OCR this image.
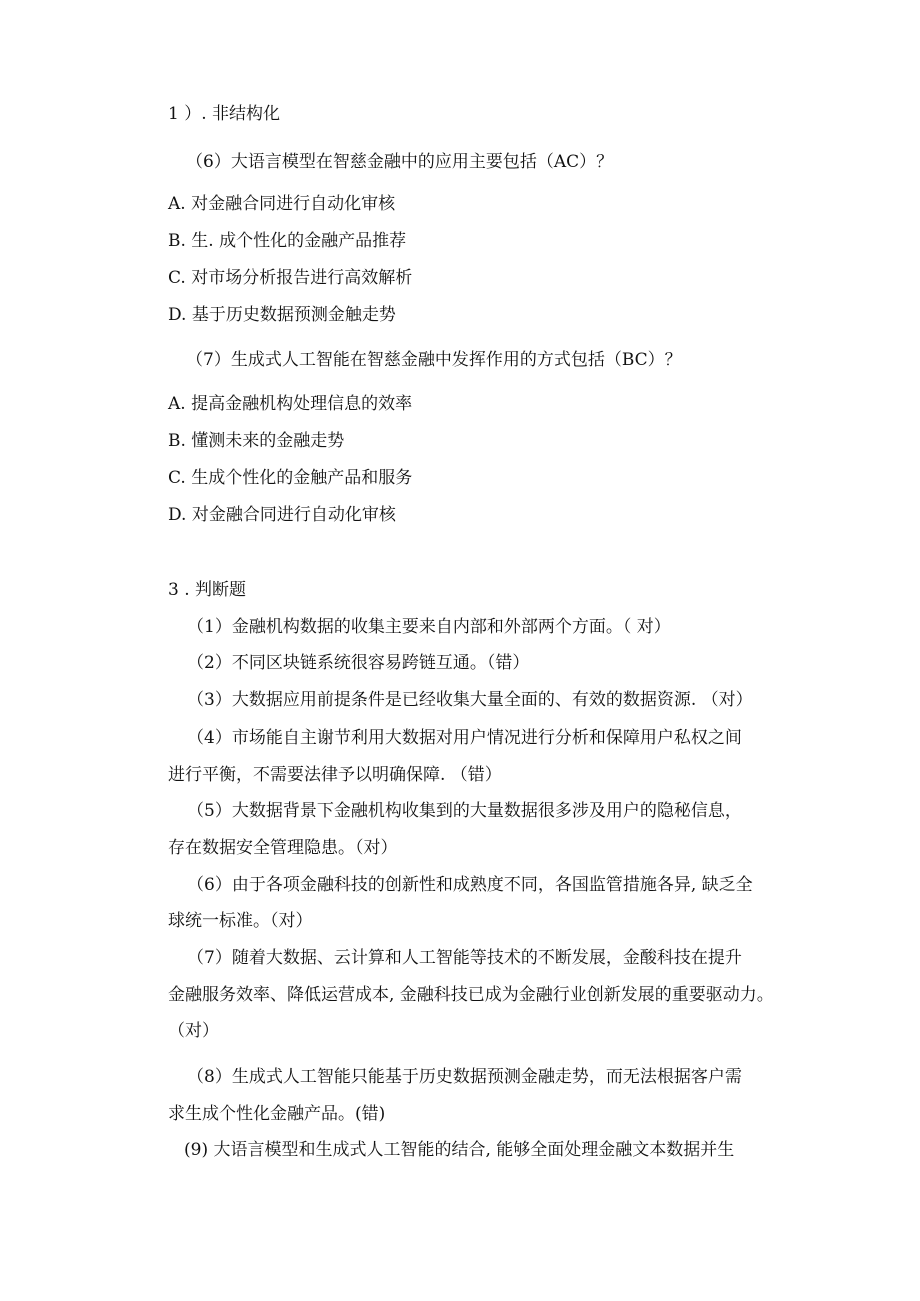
1 ）. 非结构化
（6）大语言模型在智慈金融中的应用主要包括（AC）？
A. 对金融合同进行自动化审核
B. 生. 成个性化的金融产品推荐
C. 对市场分析报告进行高效解析
D. 基于历史数据预测金触走势
（7）生成式人工智能在智慈金融中发挥作用的方式包括（BC）？
A. 提高金融机构处理信息的效率
B. 懂测未来的金融走势
C. 生成个性化的金触产品和服务
D. 对金融合同进行自动化审核
3 . 判断题
（1）金融机构数据的收集主要来自内部和外部两个方面。（ 对）
（2）不同区块链系统很容易跨链互通。（错）
（3）大数据应用前提条件是已经收集大量全面的、有效的数据资源. （对）
（4）市场能自主谢节利用大数据对用户情况进行分析和保障用户私权之间
进行平衡，不需要法律予以明确保障. （错）
（5）大数据背景下金融机构收集到的大量数据很多涉及用户的隐秘信息，
存在数据安全管理隐患。（对）
（6）由于各项金融科技的创新性和成熟度不同，各国监管措施各异, 缺乏全
球统一标准。（对）
（7）随着大数据、云计算和人工智能等技术的不断发展，金酸科技在提升
金融服务效率、降低运营成本, 金融科技已成为金融行业创新发展的重要驱动力。
（对）
（8）生成式人工智能只能基于历史数据预测金融走势，而无法根据客户需
求生成个性化金融产品。(错)
(9) 大语言模型和生成式人工智能的结合, 能够全面处理金融文本数据并生
